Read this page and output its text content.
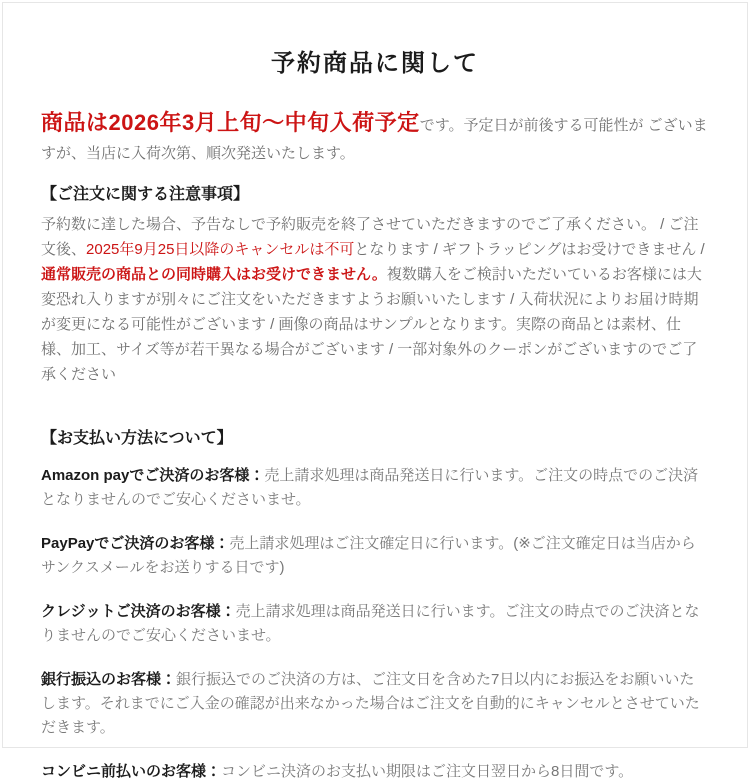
予約商品に関して

商品は2026年3月上旬〜中旬入荷予定です。予定日が前後する可能性が ございますが、当店に入荷次第、順次発送いたします。

【ご注文に関する注意事項】

予約数に達した場合、予告なしで予約販売を終了させていただきますのでご了承ください。 / ご注文後、2025年9月25日以降のキャンセルは不可となります / ギフトラッピングはお受けできません / 通常販売の商品との同時購入はお受けできません。複数購入をご検討いただいているお客様には大変恐れ入りますが別々にご注文をいただきますようお願いいたします / 入荷状況によりお届け時期が変更になる可能性がございます / 画像の商品はサンプルとなります。実際の商品とは素材、仕様、加工、サイズ等が若干異なる場合がございます / 一部対象外のクーポンがございますのでご了承ください

【お支払い方法について】

Amazon payでご決済のお客様：売上請求処理は商品発送日に行います。ご注文の時点でのご決済となりませんのでご安心くださいませ。

PayPayでご決済のお客様：売上請求処理はご注文確定日に行います。(※ご注文確定日は当店からサンクスメールをお送りする日です)

クレジットご決済のお客様：売上請求処理は商品発送日に行います。ご注文の時点でのご決済となりませんのでご安心くださいませ。

銀行振込のお客様：銀行振込でのご決済の方は、ご注文日を含めた7日以内にお振込をお願いいたします。それまでにご入金の確認が出来なかった場合はご注文を自動的にキャンセルとさせていただきます。

コンビニ前払いのお客様：コンビニ決済のお支払い期限はご注文日翌日から8日間です。
